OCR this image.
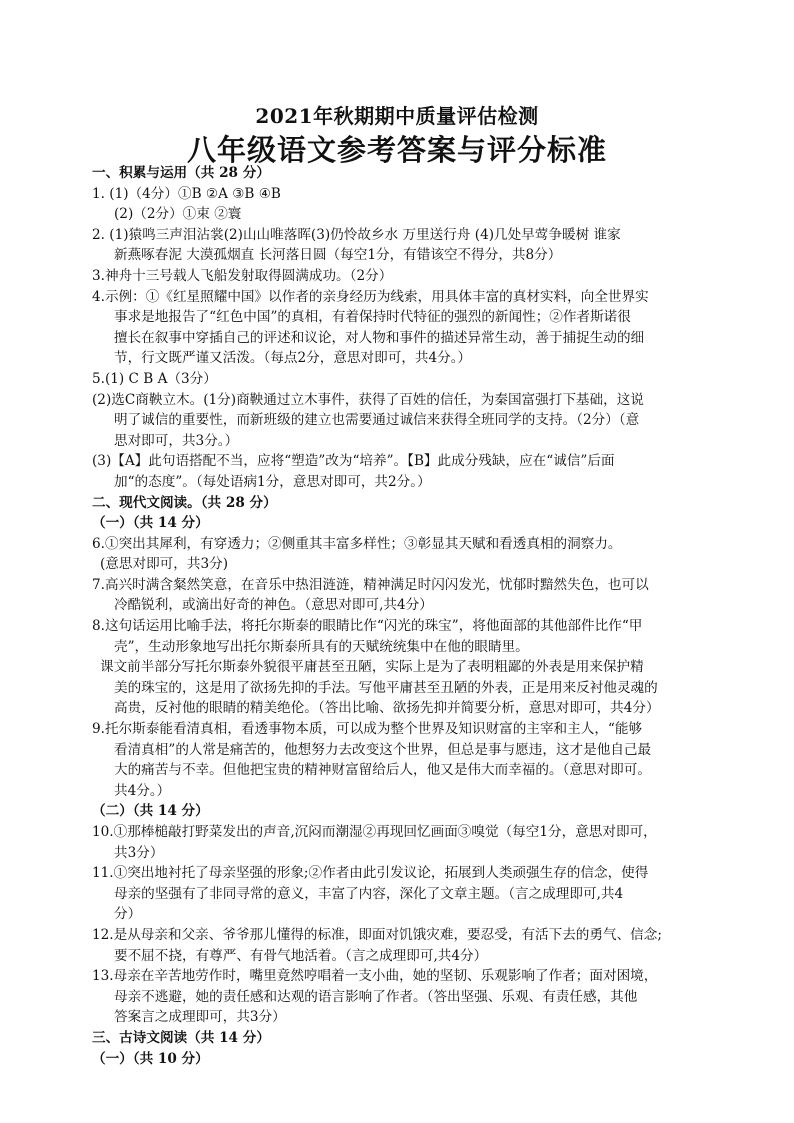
2021年秋期期中质量评估检测
八年级语文参考答案与评分标准
一、积累与运用（共 28 分）
1. (1)（4分）①B ②A ③B ④B
(2)（2分）①束 ②寰
2. (1)猿鸣三声泪沾裳(2)山山唯落晖(3)仍怜故乡水 万里送行舟 (4)几处早莺争暖树 谁家
新燕啄春泥 大漠孤烟直 长河落日圆（每空1分，有错该空不得分，共8分）
3.神舟十三号载人飞船发射取得圆满成功。（2分）
4.示例：①《红星照耀中国》以作者的亲身经历为线索，用具体丰富的真材实料，向全世界实
事求是地报告了“红色中国”的真相，有着保持时代特征的强烈的新闻性；②作者斯诺很
擅长在叙事中穿插自己的评述和议论，对人物和事件的描述异常生动，善于捕捉生动的细
节，行文既严谨又活泼。（每点2分，意思对即可，共4分。）
5.(1) C B A（3分）
(2)选C商鞅立木。(1分)商鞅通过立木事件，获得了百姓的信任，为秦国富强打下基础，这说
明了诚信的重要性，而新班级的建立也需要通过诚信来获得全班同学的支持。（2分）（意
思对即可，共3分。）
(3)【A】此句语搭配不当，应将“塑造”改为“培养”。【B】此成分残缺，应在“诚信”后面
加“的态度”。（每处语病1分，意思对即可，共2分。）
二、现代文阅读。（共 28 分）
（一）（共 14 分）
6.①突出其犀利，有穿透力；②侧重其丰富多样性；③彰显其天赋和看透真相的洞察力。
(意思对即可，共3分)
7.高兴时满含粲然笑意，在音乐中热泪涟涟，精神满足时闪闪发光，忧郁时黯然失色，也可以
冷酷锐利，或滴出好奇的神色。（意思对即可,共4分）
8.这句话运用比喻手法，将托尔斯泰的眼睛比作“闪光的珠宝”，将他面部的其他部件比作“甲
壳”，生动形象地写出托尔斯泰所具有的天赋统统集中在他的眼睛里。
课文前半部分写托尔斯泰外貌很平庸甚至丑陋，实际上是为了表明粗鄙的外表是用来保护精
美的珠宝的，这是用了欲扬先抑的手法。写他平庸甚至丑陋的外表，正是用来反衬他灵魂的
高贵，反衬他的眼睛的精美绝伦。（答出比喻、欲扬先抑并简要分析，意思对即可，共4分）
9.托尔斯泰能看清真相，看透事物本质，可以成为整个世界及知识财富的主宰和主人，“能够
看清真相”的人常是痛苦的，他想努力去改变这个世界，但总是事与愿违，这才是他自己最
大的痛苦与不幸。但他把宝贵的精神财富留给后人，他又是伟大而幸福的。（意思对即可。
共4分。）
（二）（共 14 分）
10.①那棒槌敲打野菜发出的声音,沉闷而潮湿②再现回忆画面③嗅觉（每空1分，意思对即可，
共3分）
11.①突出地衬托了母亲坚强的形象;②作者由此引发议论，拓展到人类顽强生存的信念，使得
母亲的坚强有了非同寻常的意义，丰富了内容，深化了文章主题。（言之成理即可,共4
分）
12.是从母亲和父亲、爷爷那儿懂得的标准，即面对饥饿灾难，要忍受，有活下去的勇气、信念;
要不屈不挠，有尊严、有骨气地活着。（言之成理即可,共4分）
13.母亲在辛苦地劳作时，嘴里竟然哼唱着一支小曲，她的坚韧、乐观影响了作者；面对困境，
母亲不逃避，她的责任感和达观的语言影响了作者。（答出坚强、乐观、有责任感，其他
答案言之成理即可，共3分）
三、古诗文阅读（共 14 分）
（一）（共 10 分）
